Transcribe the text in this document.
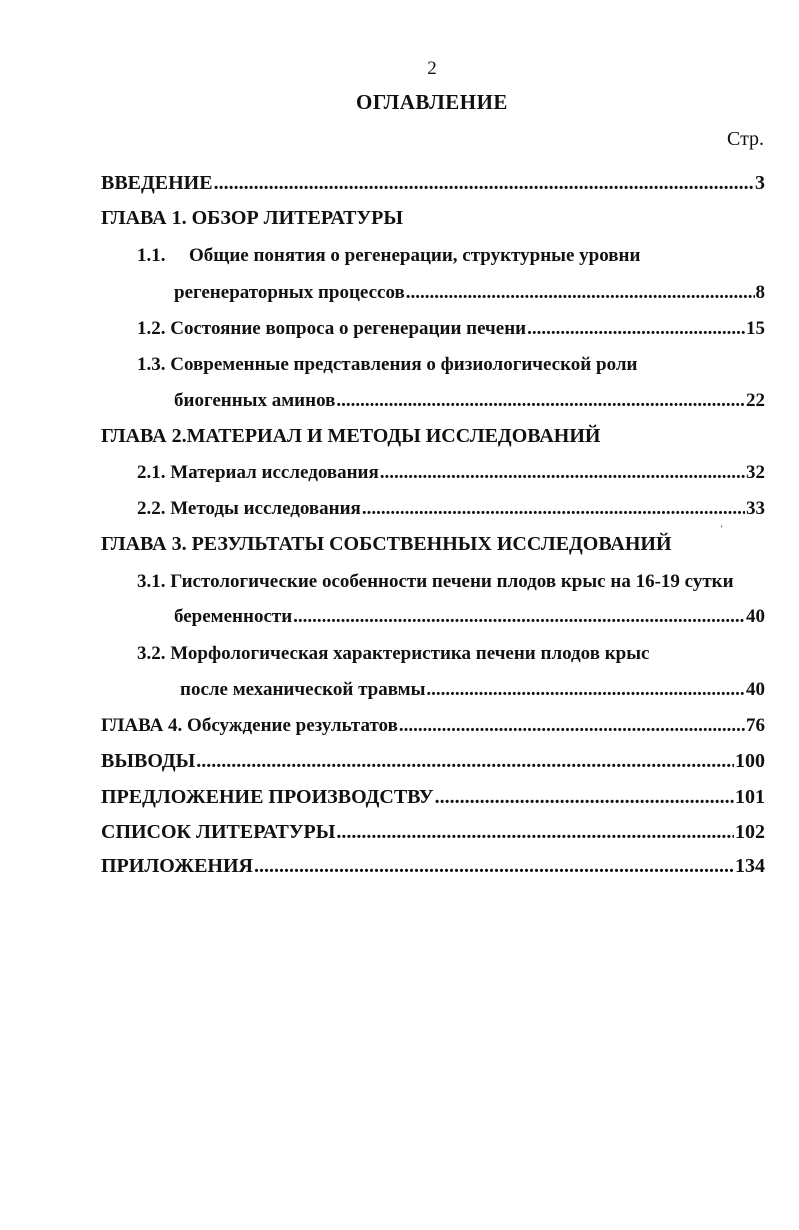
2
ОГЛАВЛЕНИЕ
Стр.
ВВЕДЕНИЕ .....	3
ГЛАВА 1. ОБЗОР ЛИТЕРАТУРЫ
1.1. Общие понятия о регенерации, структурные уровни
регенераторных процессов .....	8
1.2. Состояние вопроса о регенерации печени .....	15
1.3. Современные представления о физиологической роли
биогенных аминов .....	22
ГЛАВА 2.МАТЕРИАЛ И МЕТОДЫ ИССЛЕДОВАНИЙ
2.1. Материал исследования .....	32
2.2. Методы исследования .....	33
ГЛАВА 3. РЕЗУЛЬТАТЫ СОБСТВЕННЫХ ИССЛЕДОВАНИЙ
‘
3.1. Гистологические особенности печени плодов крыс на 16-19 сутки
беременности .....	40
3.2. Морфологическая характеристика печени плодов крыс
после механической травмы .....	40
ГЛАВА 4. Обсуждение результатов .....	76
ВЫВОДЫ .....	100
ПРЕДЛОЖЕНИЕ ПРОИЗВОДСТВУ .....	101
СПИСОК ЛИТЕРАТУРЫ .....	102
ПРИЛОЖЕНИЯ .....	134
